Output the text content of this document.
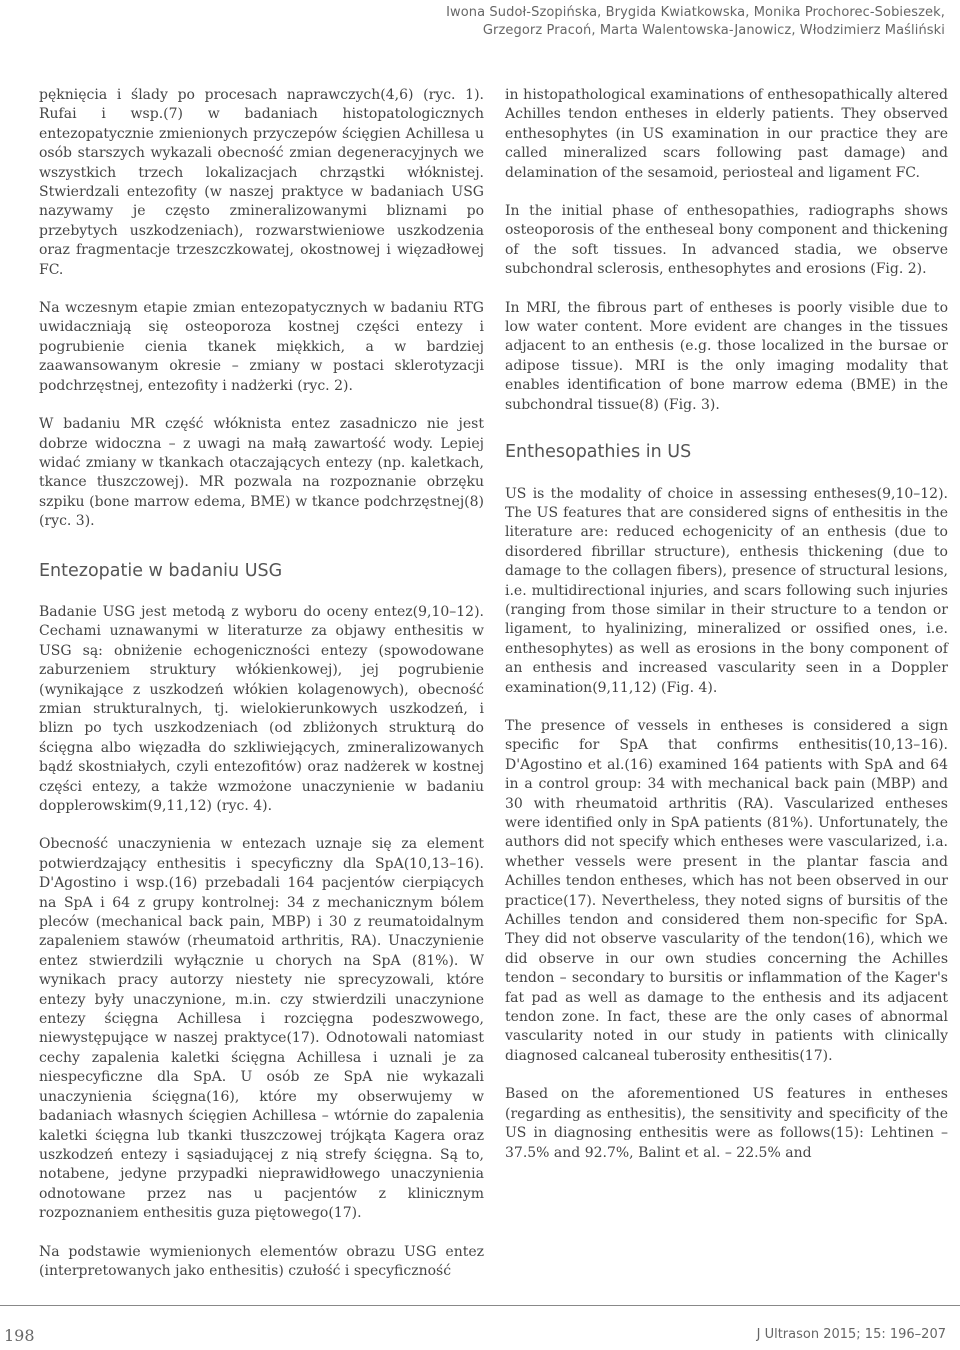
Iwona Sudoł-Szopińska, Brygida Kwiatkowska, Monika Prochorec-Sobieszek,
Grzegorz Pracoń, Marta Walentowska-Janowicz, Włodzimierz Maśliński

pęknięcia i ślady po procesach naprawczych(4,6) (ryc. 1). Rufai i wsp.(7) w badaniach histopatologicznych entezopatycznie zmienionych przyczepów ścięgien Achillesa u osób starszych wykazali obecność zmian degeneracyjnych we wszystkich trzech lokalizacjach chrząstki włóknistej. Stwierdzali entezofity (w naszej praktyce w badaniach USG nazywamy je często zmineralizowanymi bliznami po przebytych uszkodzeniach), rozwarstwieniowe uszkodzenia oraz fragmentacje trzeszczkowatej, okostnowej i więzadłowej FC.

Na wczesnym etapie zmian entezopatycznych w badaniu RTG uwidaczniają się osteoporoza kostnej części entezy i pogrubienie cienia tkanek miękkich, a w bardziej zaawansowanym okresie – zmiany w postaci sklerotyzacji podchrzęstnej, entezofity i nadżerki (ryc. 2).

W badaniu MR część włóknista entez zasadniczo nie jest dobrze widoczna – z uwagi na małą zawartość wody. Lepiej widać zmiany w tkankach otaczających entezy (np. kaletkach, tkance tłuszczowej). MR pozwala na rozpoznanie obrzęku szpiku (bone marrow edema, BME) w tkance podchrzęstnej(8) (ryc. 3).

Entezopatie w badaniu USG

Badanie USG jest metodą z wyboru do oceny entez(9,10–12). Cechami uznawanymi w literaturze za objawy enthesitis w USG są: obniżenie echogeniczności entezy (spowodowane zaburzeniem struktury włókienkowej), jej pogrubienie (wynikające z uszkodzeń włókien kolagenowych), obecność zmian strukturalnych, tj. wielokierunkowych uszkodzeń, i blizn po tych uszkodzeniach (od zbliżonych strukturą do ścięgna albo więzadła do szkliwiejących, zmineralizowanych bądź skostniałych, czyli entezofitów) oraz nadżerek w kostnej części entezy, a także wzmożone unaczynienie w badaniu dopplerowskim(9,11,12) (ryc. 4).

Obecność unaczynienia w entezach uznaje się za element potwierdzający enthesitis i specyficzny dla SpA(10,13–16). D'Agostino i wsp.(16) przebadali 164 pacjentów cierpiących na SpA i 64 z grupy kontrolnej: 34 z mechanicznym bólem pleców (mechanical back pain, MBP) i 30 z reumatoidalnym zapaleniem stawów (rheumatoid arthritis, RA). Unaczynienie entez stwierdzili wyłącznie u chorych na SpA (81%). W wynikach pracy autorzy niestety nie sprecyzowali, które entezy były unaczynione, m.in. czy stwierdzili unaczynione entezy ścięgna Achillesa i rozcięgna podeszwowego, niewystępujące w naszej praktyce(17). Odnotowali natomiast cechy zapalenia kaletki ścięgna Achillesa i uznali je za niespecyficzne dla SpA. U osób ze SpA nie wykazali unaczynienia ścięgna(16), które my obserwujemy w badaniach własnych ścięgien Achillesa – wtórnie do zapalenia kaletki ścięgna lub tkanki tłuszczowej trójkąta Kagera oraz uszkodzeń entezy i sąsiadującej z nią strefy ścięgna. Są to, notabene, jedyne przypadki nieprawidłowego unaczynienia odnotowane przez nas u pacjentów z klinicznym rozpoznaniem enthesitis guza piętowego(17).

Na podstawie wymienionych elementów obrazu USG entez (interpretowanych jako enthesitis) czułość i specyficzność

in histopathological examinations of enthesopathically altered Achilles tendon entheses in elderly patients. They observed enthesophytes (in US examination in our practice they are called mineralized scars following past damage) and delamination of the sesamoid, periosteal and ligament FC.

In the initial phase of enthesopathies, radiographs shows osteoporosis of the entheseal bony component and thickening of the soft tissues. In advanced stadia, we observe subchondral sclerosis, enthesophytes and erosions (Fig. 2).

In MRI, the fibrous part of entheses is poorly visible due to low water content. More evident are changes in the tissues adjacent to an enthesis (e.g. those localized in the bursae or adipose tissue). MRI is the only imaging modality that enables identification of bone marrow edema (BME) in the subchondral tissue(8) (Fig. 3).

Enthesopathies in US

US is the modality of choice in assessing entheses(9,10–12). The US features that are considered signs of enthesitis in the literature are: reduced echogenicity of an enthesis (due to disordered fibrillar structure), enthesis thickening (due to damage to the collagen fibers), presence of structural lesions, i.e. multidirectional injuries, and scars following such injuries (ranging from those similar in their structure to a tendon or ligament, to hyalinizing, mineralized or ossified ones, i.e. enthesophytes) as well as erosions in the bony component of an enthesis and increased vascularity seen in a Doppler examination(9,11,12) (Fig. 4).

The presence of vessels in entheses is considered a sign specific for SpA that confirms enthesitis(10,13–16). D'Agostino et al.(16) examined 164 patients with SpA and 64 in a control group: 34 with mechanical back pain (MBP) and 30 with rheumatoid arthritis (RA). Vascularized entheses were identified only in SpA patients (81%). Unfortunately, the authors did not specify which entheses were vascularized, i.a. whether vessels were present in the plantar fascia and Achilles tendon entheses, which has not been observed in our practice(17). Nevertheless, they noted signs of bursitis of the Achilles tendon and considered them non-specific for SpA. They did not observe vascularity of the tendon(16), which we did observe in our own studies concerning the Achilles tendon – secondary to bursitis or inflammation of the Kager's fat pad as well as damage to the enthesis and its adjacent tendon zone. In fact, these are the only cases of abnormal vascularity noted in our study in patients with clinically diagnosed calcaneal tuberosity enthesitis(17).

Based on the aforementioned US features in entheses (regarding as enthesitis), the sensitivity and specificity of the US in diagnosing enthesitis were as follows(15): Lehtinen – 37.5% and 92.7%, Balint et al. – 22.5% and

198	J Ultrason 2015; 15: 196–207
